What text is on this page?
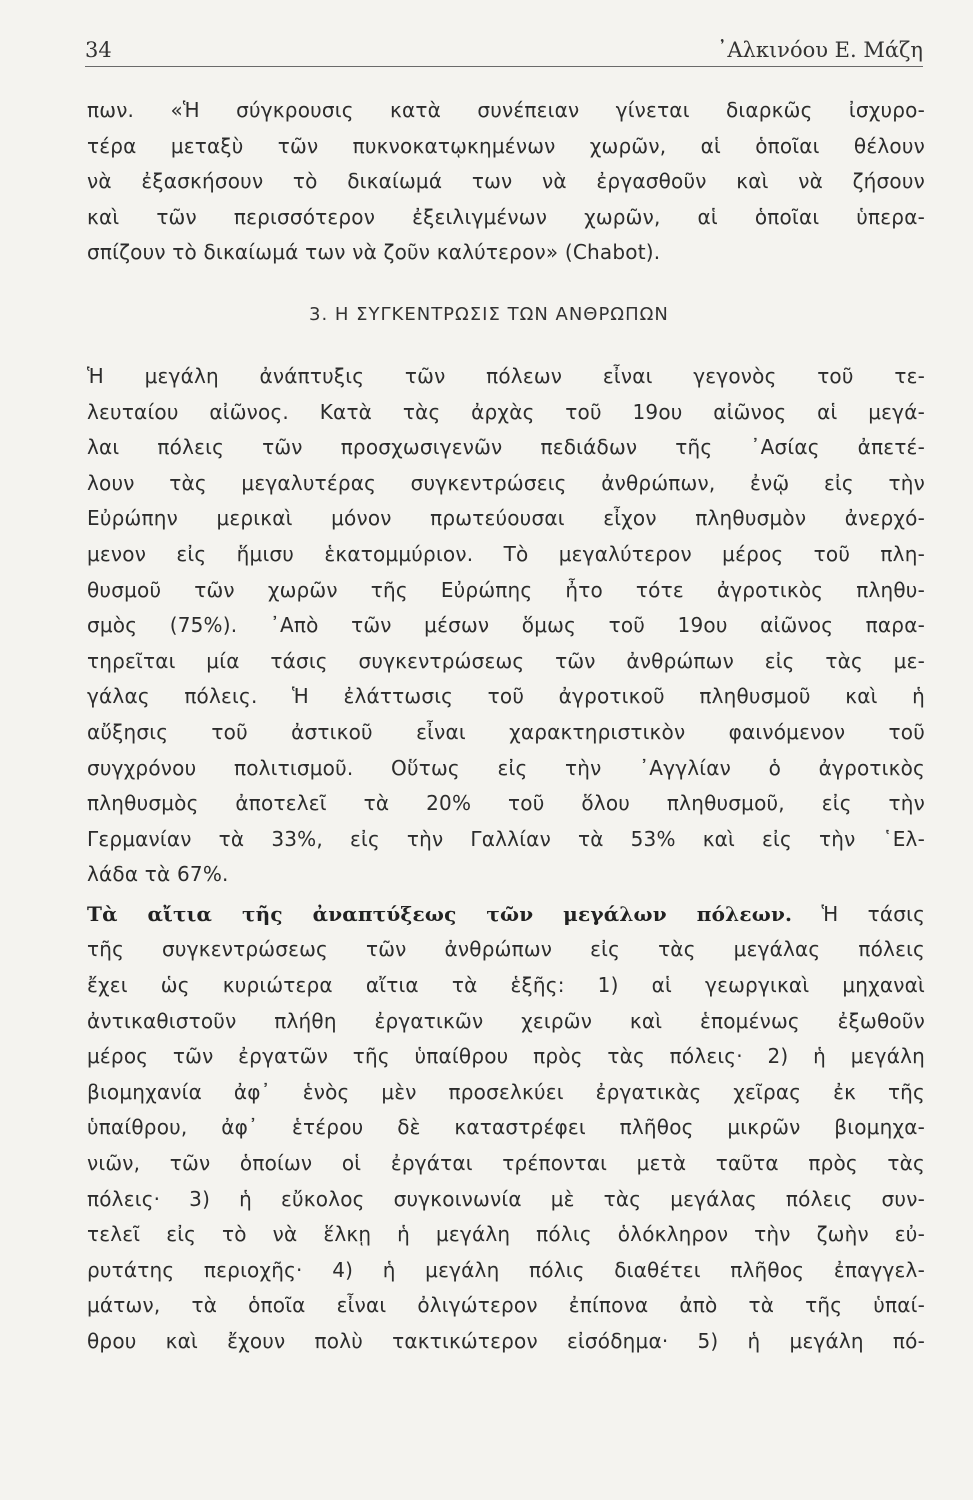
34	᾿Αλκινόου Ε. Μάζη
πων. «Ἡ σύγκρουσις κατὰ συνέπειαν γίνεται διαρκῶς ἰσχυρο-
τέρα μεταξὺ τῶν πυκνοκατῳκημένων χωρῶν, αἱ ὁποῖαι θέλουν
νὰ ἐξασκήσουν τὸ δικαίωμά των νὰ ἐργασθοῦν καὶ νὰ ζήσουν
καὶ τῶν περισσότερον ἐξειλιγμένων χωρῶν, αἱ ὁποῖαι ὑπερα-
σπίζουν τὸ δικαίωμά των νὰ ζοῦν καλύτερον» (Chabot).
3. Η ΣΥΓΚΕΝΤΡΩΣΙΣ ΤΩΝ ΑΝΘΡΩΠΩΝ
Ἡ μεγάλη ἀνάπτυξις τῶν πόλεων εἶναι γεγονὸς τοῦ τε-
λευταίου αἰῶνος. Κατὰ τὰς ἀρχὰς τοῦ 19ου αἰῶνος αἱ μεγά-
λαι πόλεις τῶν προσχωσιγενῶν πεδιάδων τῆς ᾿Ασίας ἀπετέ-
λουν τὰς μεγαλυτέρας συγκεντρώσεις ἀνθρώπων, ἐνῷ εἰς τὴν
Εὐρώπην μερικαὶ μόνον πρωτεύουσαι εἶχον πληθυσμὸν ἀνερχό-
μενον εἰς ἥμισυ ἑκατομμύριον. Τὸ μεγαλύτερον μέρος τοῦ πλη-
θυσμοῦ τῶν χωρῶν τῆς Εὐρώπης ἦτο τότε ἀγροτικὸς πληθυ-
σμὸς (75%). ᾿Απὸ τῶν μέσων ὅμως τοῦ 19ου αἰῶνος παρα-
τηρεῖται μία τάσις συγκεντρώσεως τῶν ἀνθρώπων εἰς τὰς με-
γάλας πόλεις. Ἡ ἐλάττωσις τοῦ ἀγροτικοῦ πληθυσμοῦ καὶ ἡ
αὔξησις τοῦ ἀστικοῦ εἶναι χαρακτηριστικὸν φαινόμενον τοῦ
συγχρόνου πολιτισμοῦ. Οὕτως εἰς τὴν ᾿Αγγλίαν ὁ ἀγροτικὸς
πληθυσμὸς ἀποτελεῖ τὰ 20% τοῦ ὅλου πληθυσμοῦ, εἰς τὴν
Γερμανίαν τὰ 33%, εἰς τὴν Γαλλίαν τὰ 53% καὶ εἰς τὴν ῾Ελ-
λάδα τὰ 67%.
Τὰ αἴτια τῆς ἀναπτύξεως τῶν μεγάλων πόλεων. Ἡ τάσις
τῆς συγκεντρώσεως τῶν ἀνθρώπων εἰς τὰς μεγάλας πόλεις
ἔχει ὡς κυριώτερα αἴτια τὰ ἑξῆς: 1) αἱ γεωργικαὶ μηχαναὶ
ἀντικαθιστοῦν πλήθη ἐργατικῶν χειρῶν καὶ ἑπομένως ἐξωθοῦν
μέρος τῶν ἐργατῶν τῆς ὑπαίθρου πρὸς τὰς πόλεις· 2) ἡ μεγάλη
βιομηχανία ἀφ᾿ ἑνὸς μὲν προσελκύει ἐργατικὰς χεῖρας ἐκ τῆς
ὑπαίθρου, ἀφ᾿ ἑτέρου δὲ καταστρέφει πλῆθος μικρῶν βιομηχα-
νιῶν, τῶν ὁποίων οἱ ἐργάται τρέπονται μετὰ ταῦτα πρὸς τὰς
πόλεις· 3) ἡ εὔκολος συγκοινωνία μὲ τὰς μεγάλας πόλεις συν-
τελεῖ εἰς τὸ νὰ ἕλκῃ ἡ μεγάλη πόλις ὁλόκληρον τὴν ζωὴν εὐ-
ρυτάτης περιοχῆς· 4) ἡ μεγάλη πόλις διαθέτει πλῆθος ἐπαγγελ-
μάτων, τὰ ὁποῖα εἶναι ὀλιγώτερον ἐπίπονα ἀπὸ τὰ τῆς ὑπαί-
θρου καὶ ἔχουν πολὺ τακτικώτερον εἰσόδημα· 5) ἡ μεγάλη πό-
